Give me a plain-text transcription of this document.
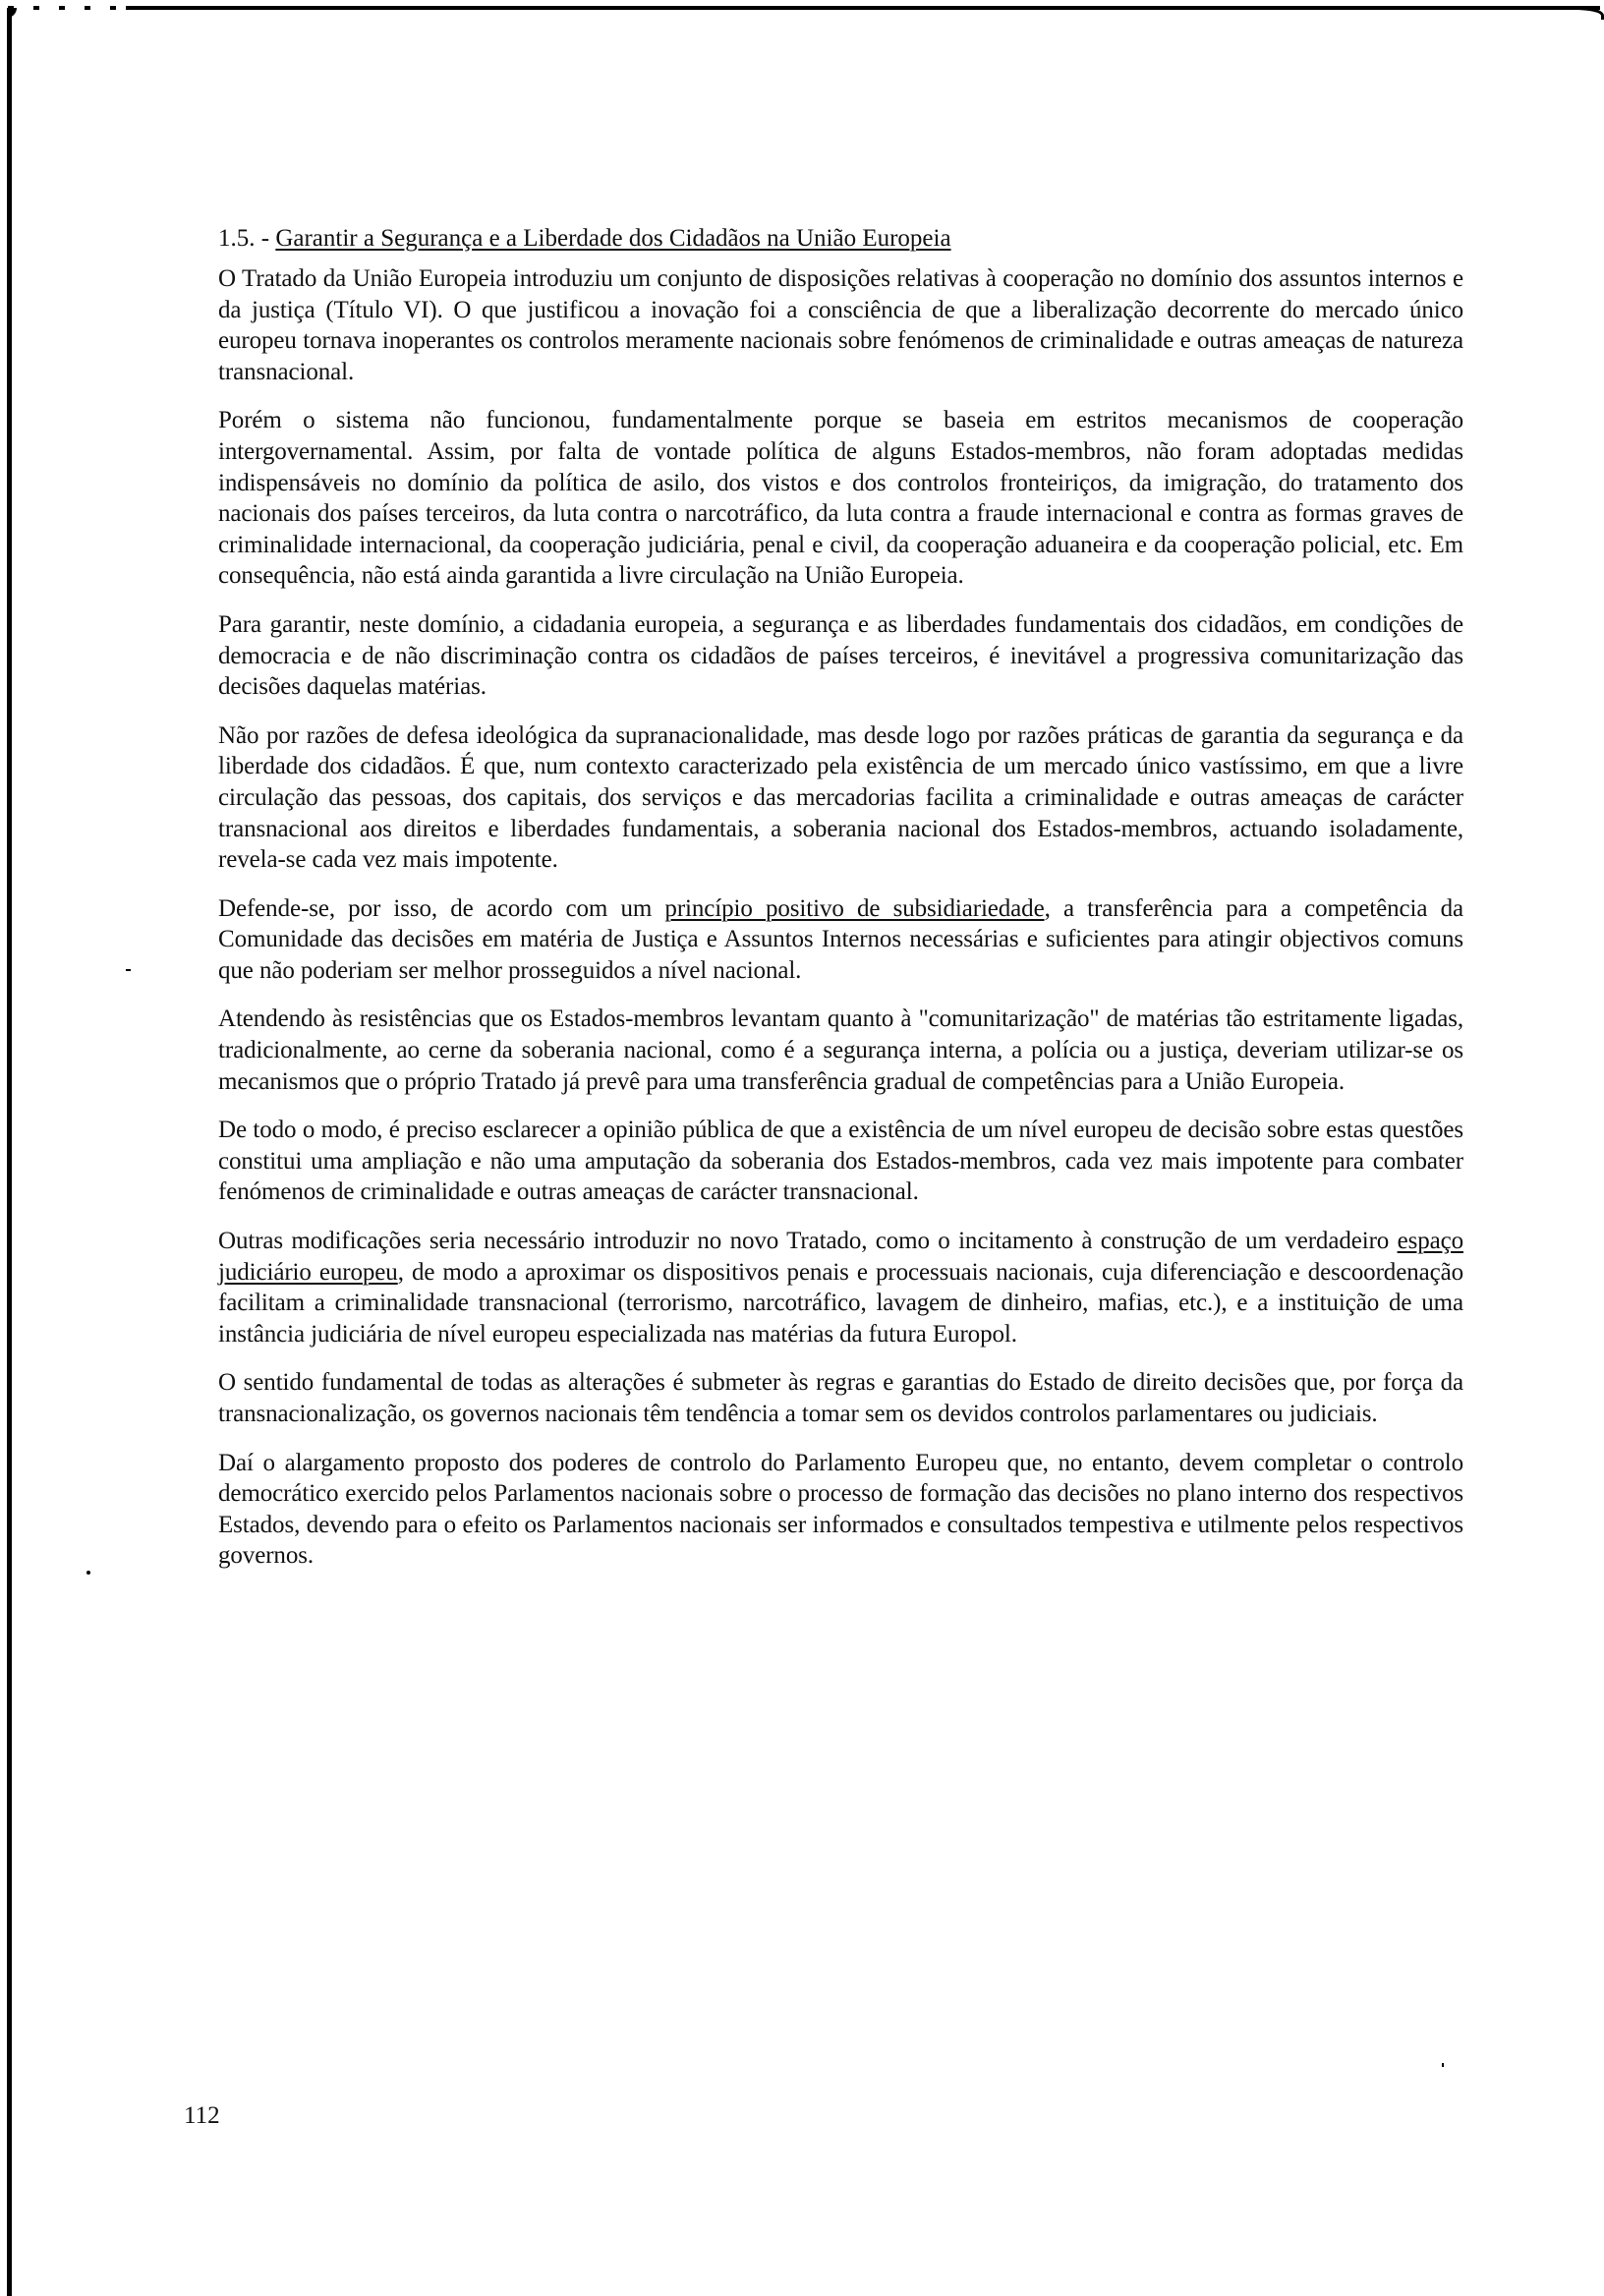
1.5. - Garantir a Segurança e a Liberdade dos Cidadãos na União Europeia

O Tratado da União Europeia introduziu um conjunto de disposições relativas à cooperação no domínio dos assuntos internos e da justiça (Título VI). O que justificou a inovação foi a consciência de que a liberalização decorrente do mercado único europeu tornava inoperantes os controlos meramente nacionais sobre fenómenos de criminalidade e outras ameaças de natureza transnacional.

Porém o sistema não funcionou, fundamentalmente porque se baseia em estritos mecanismos de cooperação intergovernamental. Assim, por falta de vontade política de alguns Estados-membros, não foram adoptadas medidas indispensáveis no domínio da política de asilo, dos vistos e dos controlos fronteiriços, da imigração, do tratamento dos nacionais dos países terceiros, da luta contra o narcotráfico, da luta contra a fraude internacional e contra as formas graves de criminalidade internacional, da cooperação judiciária, penal e civil, da cooperação aduaneira e da cooperação policial, etc. Em consequência, não está ainda garantida a livre circulação na União Europeia.

Para garantir, neste domínio, a cidadania europeia, a segurança e as liberdades fundamentais dos cidadãos, em condições de democracia e de não discriminação contra os cidadãos de países terceiros, é inevitável a progressiva comunitarização das decisões daquelas matérias.

Não por razões de defesa ideológica da supranacionalidade, mas desde logo por razões práticas de garantia da segurança e da liberdade dos cidadãos. É que, num contexto caracterizado pela existência de um mercado único vastíssimo, em que a livre circulação das pessoas, dos capitais, dos serviços e das mercadorias facilita a criminalidade e outras ameaças de carácter transnacional aos direitos e liberdades fundamentais, a soberania nacional dos Estados-membros, actuando isoladamente, revela-se cada vez mais impotente.

Defende-se, por isso, de acordo com um princípio positivo de subsidiariedade, a transferência para a competência da Comunidade das decisões em matéria de Justiça e Assuntos Internos necessárias e suficientes para atingir objectivos comuns que não poderiam ser melhor prosseguidos a nível nacional.

Atendendo às resistências que os Estados-membros levantam quanto à "comunitarização" de matérias tão estritamente ligadas, tradicionalmente, ao cerne da soberania nacional, como é a segurança interna, a polícia ou a justiça, deveriam utilizar-se os mecanismos que o próprio Tratado já prevê para uma transferência gradual de competências para a União Europeia.

De todo o modo, é preciso esclarecer a opinião pública de que a existência de um nível europeu de decisão sobre estas questões constitui uma ampliação e não uma amputação da soberania dos Estados-membros, cada vez mais impotente para combater fenómenos de criminalidade e outras ameaças de carácter transnacional.

Outras modificações seria necessário introduzir no novo Tratado, como o incitamento à construção de um verdadeiro espaço judiciário europeu, de modo a aproximar os dispositivos penais e processuais nacionais, cuja diferenciação e descoordenação facilitam a criminalidade transnacional (terrorismo, narcotráfico, lavagem de dinheiro, mafias, etc.), e a instituição de uma instância judiciária de nível europeu especializada nas matérias da futura Europol.

O sentido fundamental de todas as alterações é submeter às regras e garantias do Estado de direito decisões que, por força da transnacionalização, os governos nacionais têm tendência a tomar sem os devidos controlos parlamentares ou judiciais.

Daí o alargamento proposto dos poderes de controlo do Parlamento Europeu que, no entanto, devem completar o controlo democrático exercido pelos Parlamentos nacionais sobre o processo de formação das decisões no plano interno dos respectivos Estados, devendo para o efeito os Parlamentos nacionais ser informados e consultados tempestiva e utilmente pelos respectivos governos.

112
